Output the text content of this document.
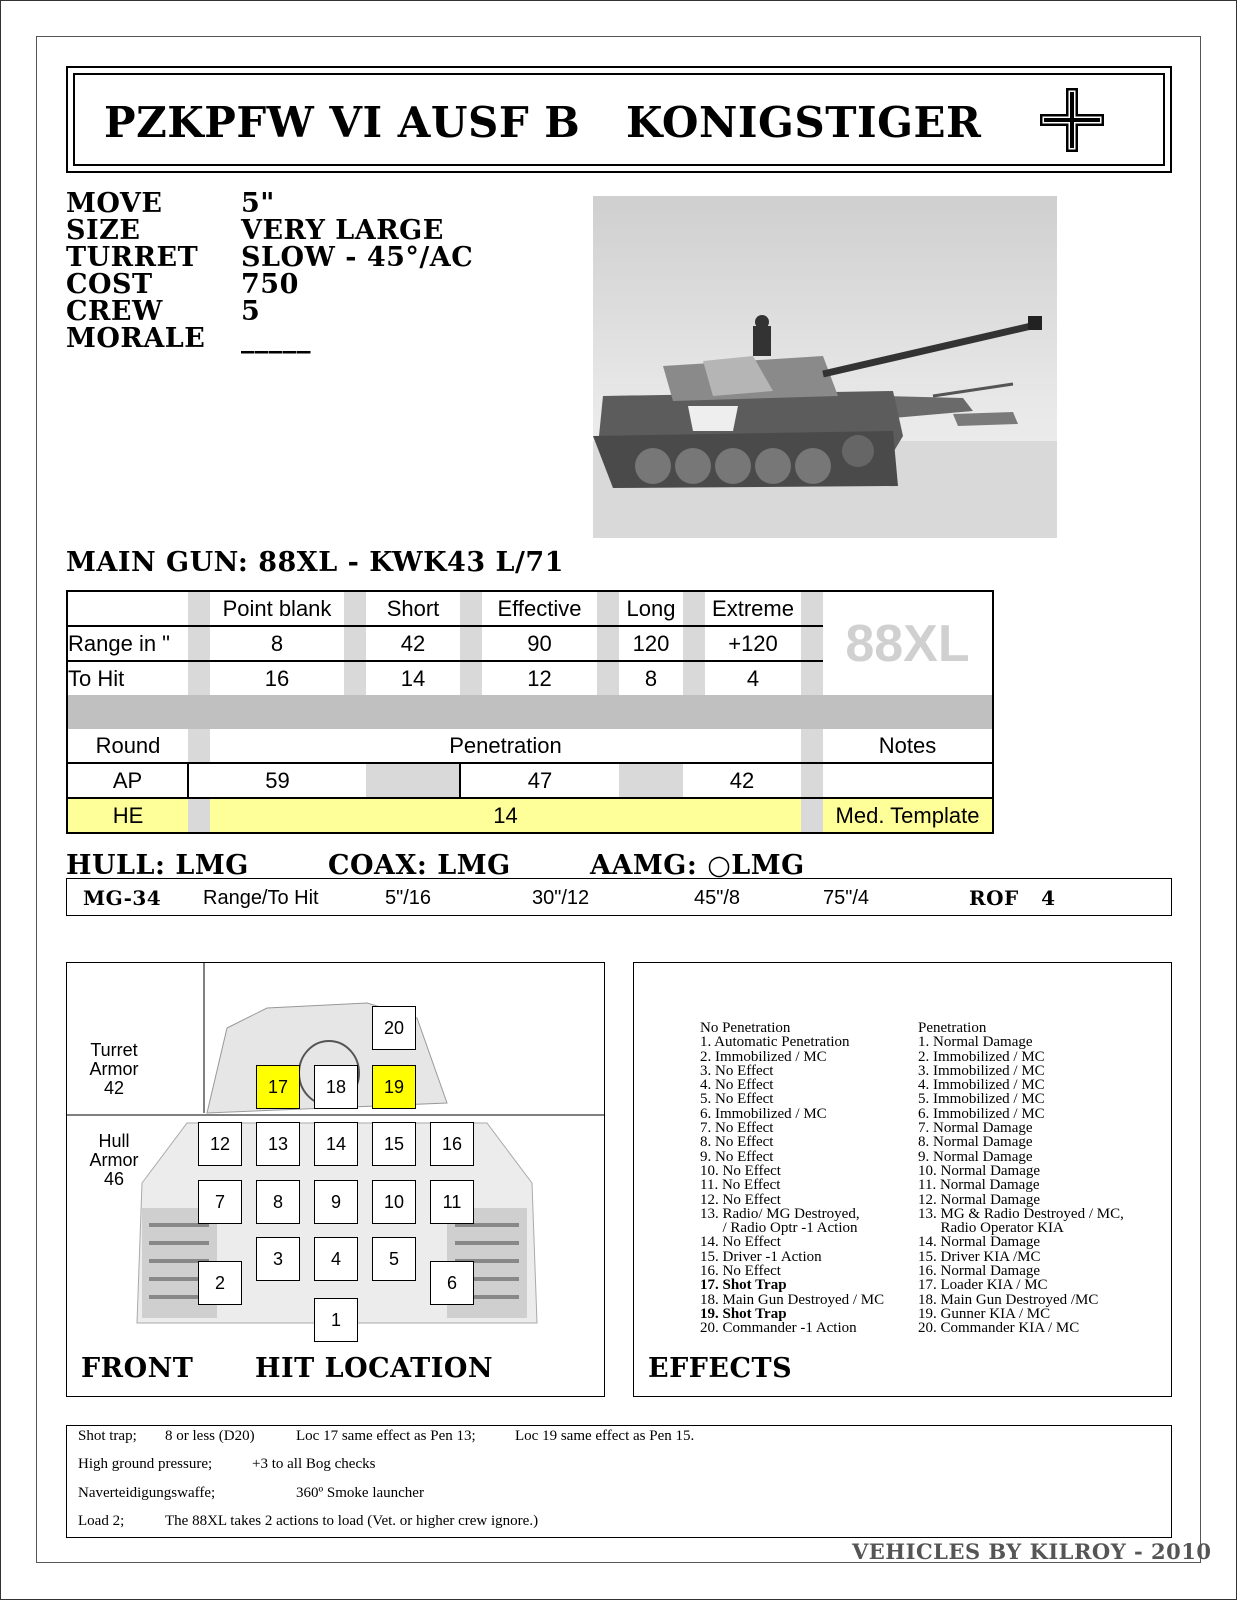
PZKPFW VI AUSF B KONIGSTIGER
MOVE	5"
SIZE	VERY LARGE
TURRET	SLOW - 45°/AC
COST	750
CREW	5
MORALE	_____
MAIN GUN: 88XL - KWK43 L/71
		Point blank		Short		Effective		Long		Extreme		88XL
Range in "		8		42		90		120		+120		
To Hit		16		14		12		8		4		

Round		Penetration										Notes
AP	59				47				42			
HE		14										Med. Template
HULL: LMG	COAX: LMG	AAMG: ○LMG
MG-34 Range/To Hit	5"/16	30"/12	45"/8	75"/4	ROF   4
Turret
Armor
42
Hull
Armor
46
20
17	18	19
12	13	14	15	16
7	8	9	10	11
3	4	5
2	6
1
FRONT HIT LOCATION	EFFECTS
No Penetration
1. Automatic Penetration
2. Immobilized / MC
3. No Effect
4. No Effect
5. No Effect
6. Immobilized / MC
7. No Effect
8. No Effect
9. No Effect
10. No Effect
11. No Effect
12. No Effect
13. Radio/ MG Destroyed,
/ Radio Optr -1 Action
14. No Effect
15. Driver -1 Action
16. No Effect
17. Shot Trap
18. Main Gun Destroyed / MC
19. Shot Trap
20. Commander -1 Action
Penetration
1. Normal Damage
2. Immobilized / MC
3. Immobilized / MC
4. Immobilized / MC
5. Immobilized / MC
6. Immobilized / MC
7. Normal Damage
8. Normal Damage
9. Normal Damage
10. Normal Damage
11. Normal Damage
12. Normal Damage
13. MG & Radio Destroyed / MC,
Radio Operator KIA
14. Normal Damage
15. Driver KIA /MC
16. Normal Damage
17. Loader KIA / MC
18. Main Gun Destroyed /MC
19. Gunner KIA / MC
20. Commander KIA / MC
Shot trap; 8 or less (D20)	Loc 17 same effect as Pen 13;	Loc 19 same effect as Pen 15.
High ground pressure;	+3 to all Bog checks
Naverteidigungswaffe;	360º Smoke launcher
Load 2;	The 88XL takes 2 actions to load (Vet. or higher crew ignore.)
VEHICLES BY KILROY - 2010
